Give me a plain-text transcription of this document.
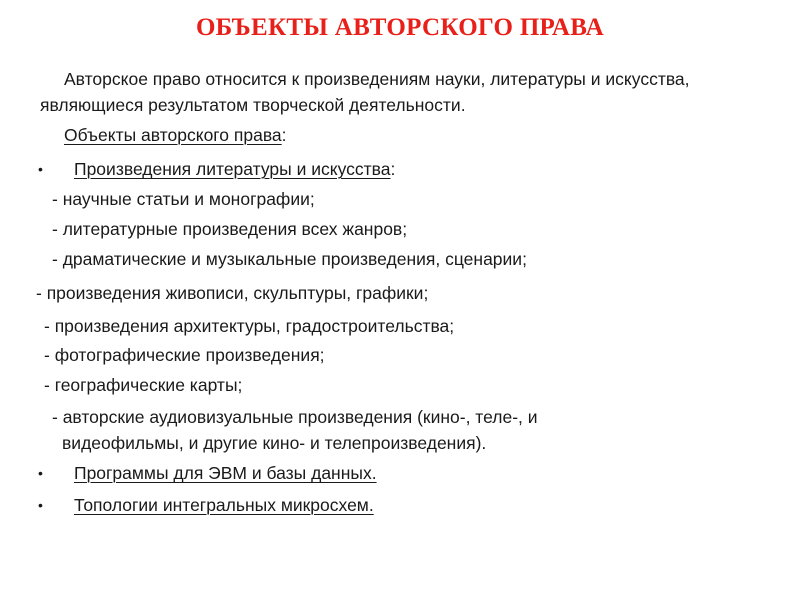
ОБЪЕКТЫ АВТОРСКОГО ПРАВА
Авторское право относится к произведениям науки, литературы и искусства, являющиеся результатом творческой деятельности.
Объекты авторского права:
• Произведения литературы и искусства:
- научные статьи и монографии;
- литературные произведения всех жанров;
- драматические и музыкальные произведения, сценарии;
- произведения живописи, скульптуры, графики;
- произведения архитектуры, градостроительства;
- фотографические произведения;
- географические карты;
- авторские аудиовизуальные произведения (кино-, теле-, и
видеофильмы, и другие кино- и телепроизведения).
• Программы для ЭВМ и базы данных.
• Топологии интегральных микросхем.
